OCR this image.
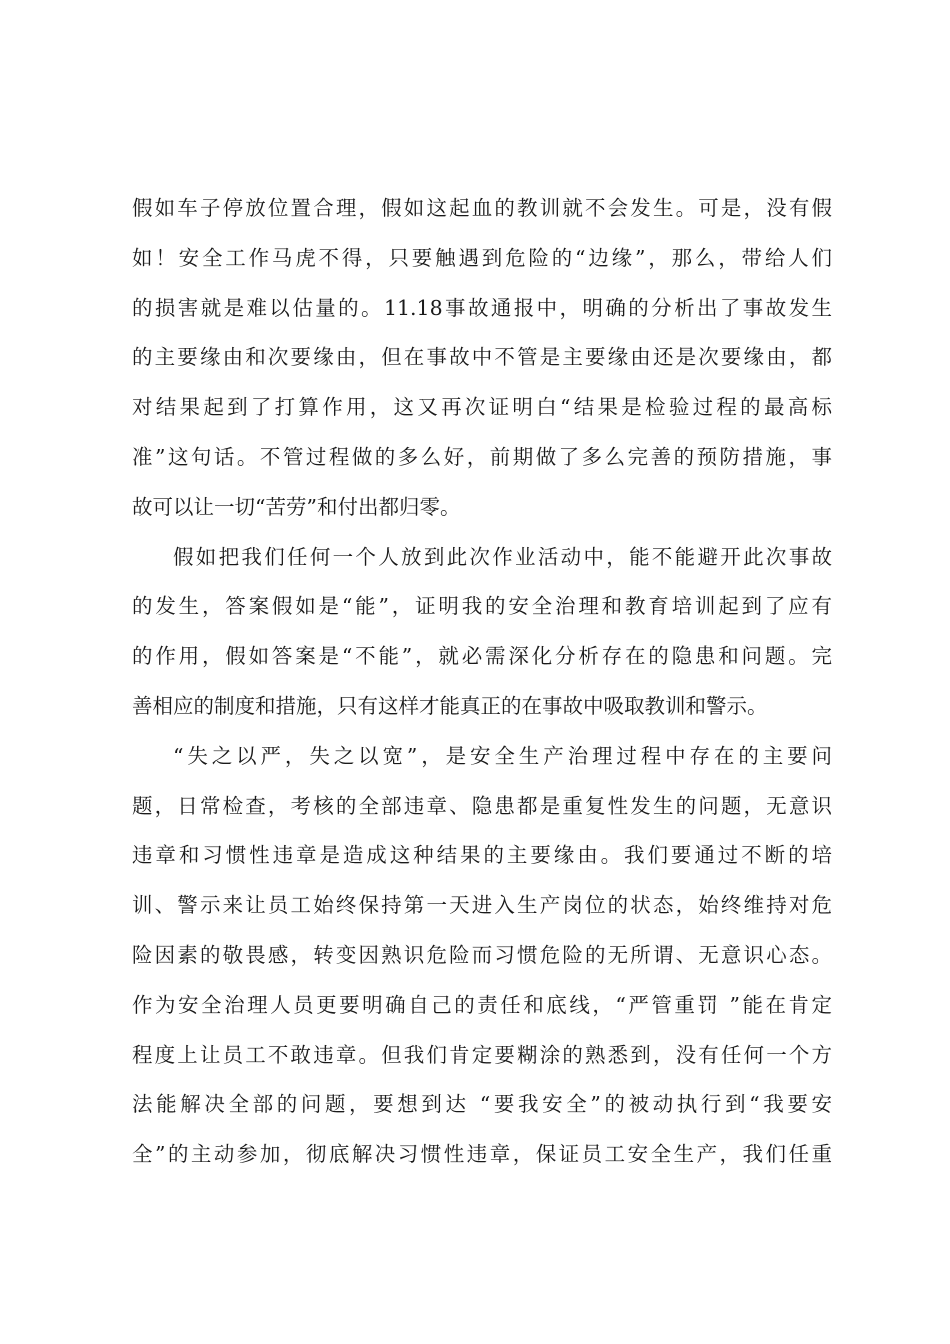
假如车子停放位置合理，假如这起血的教训就不会发生。可是，没有假
如！安全工作马虎不得，只要触遇到危险的“边缘”，那么，带给人们
的损害就是难以估量的。11.18事故通报中，明确的分析出了事故发生
的主要缘由和次要缘由，但在事故中不管是主要缘由还是次要缘由，都
对结果起到了打算作用，这又再次证明白“结果是检验过程的最高标
准”这句话。不管过程做的多么好，前期做了多么完善的预防措施，事
故可以让一切“苦劳”和付出都归零。
假如把我们任何一个人放到此次作业活动中，能不能避开此次事故
的发生，答案假如是“能”，证明我的安全治理和教育培训起到了应有
的作用，假如答案是“不能”，就必需深化分析存在的隐患和问题。完
善相应的制度和措施，只有这样才能真正的在事故中吸取教训和警示。
“失之以严，失之以宽”，是安全生产治理过程中存在的主要问
题，日常检查，考核的全部违章、隐患都是重复性发生的问题，无意识
违章和习惯性违章是造成这种结果的主要缘由。我们要通过不断的培
训、警示来让员工始终保持第一天进入生产岗位的状态，始终维持对危
险因素的敬畏感，转变因熟识危险而习惯危险的无所谓、无意识心态。
作为安全治理人员更要明确自己的责任和底线，“严管重罚 ”能在肯定
程度上让员工不敢违章。但我们肯定要糊涂的熟悉到，没有任何一个方
法能解决全部的问题，要想到达 “要我安全”的被动执行到“我要安
全”的主动参加，彻底解决习惯性违章，保证员工安全生产，我们任重
